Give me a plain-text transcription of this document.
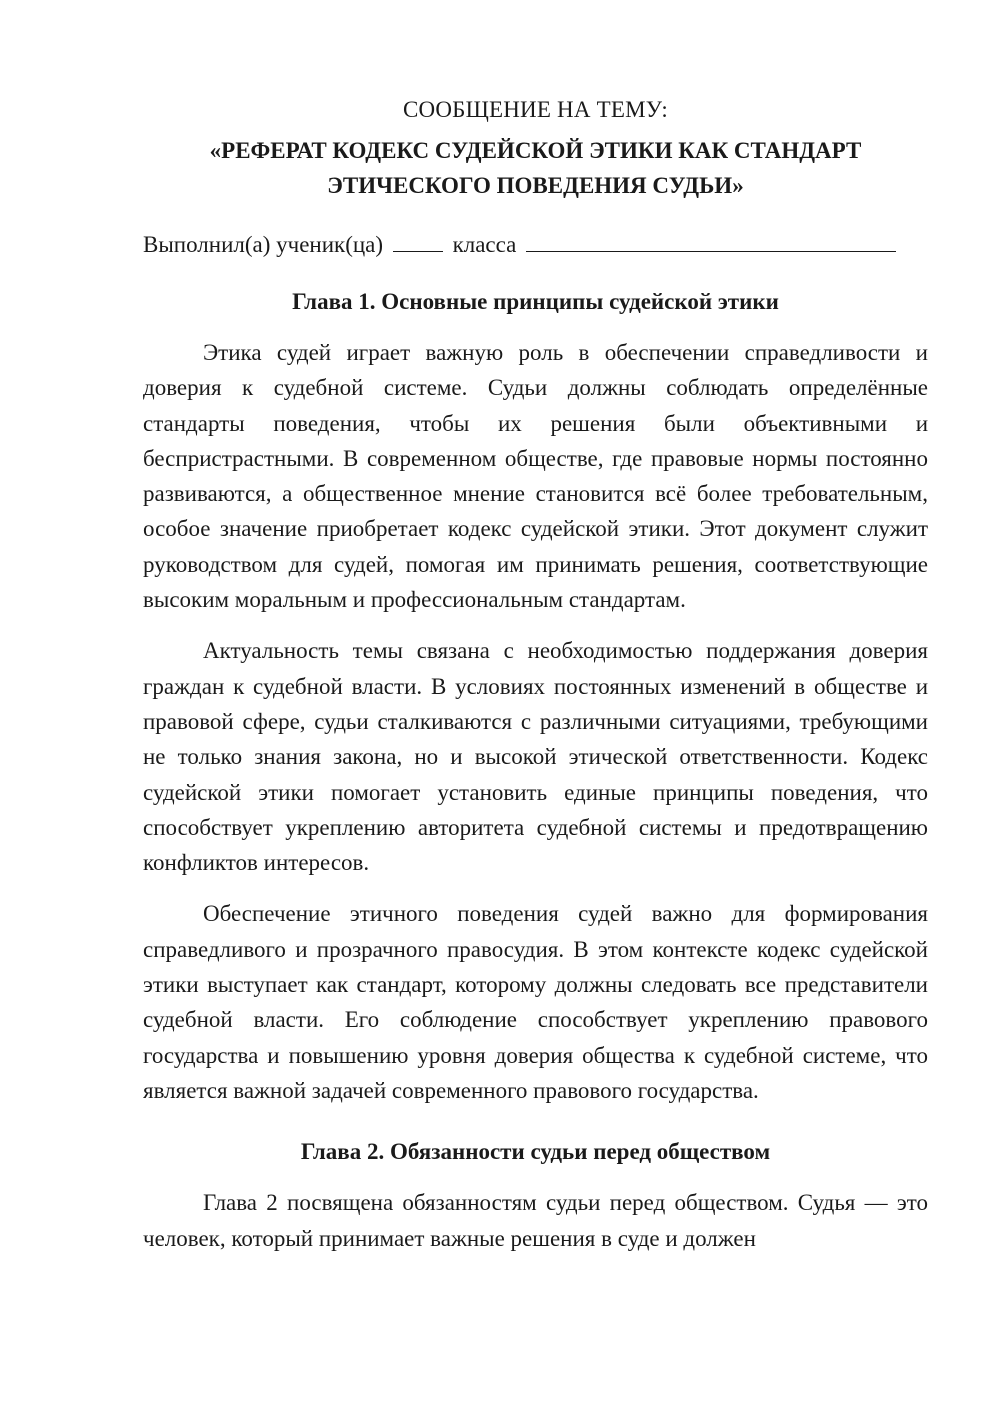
СООБЩЕНИЕ НА ТЕМУ:
«РЕФЕРАТ КОДЕКС СУДЕЙСКОЙ ЭТИКИ КАК СТАНДАРТ
ЭТИЧЕСКОГО ПОВЕДЕНИЯ СУДЬИ»
Выполнил(а) ученик(ца)	класса
Глава 1. Основные принципы судейской этики

Этика судей играет важную роль в обеспечении справедливости и доверия к судебной системе. Судьи должны соблюдать определённые стандарты поведения, чтобы их решения были объективными и беспристрастными. В современном обществе, где правовые нормы постоянно развиваются, а общественное мнение становится всё более требовательным, особое значение приобретает кодекс судейской этики. Этот документ служит руководством для судей, помогая им принимать решения, соответствующие высоким моральным и профессиональным стандартам.

Актуальность темы связана с необходимостью поддержания доверия граждан к судебной власти. В условиях постоянных изменений в обществе и правовой сфере, судьи сталкиваются с различными ситуациями, требующими не только знания закона, но и высокой этической ответственности. Кодекс судейской этики помогает установить единые принципы поведения, что способствует укреплению авторитета судебной системы и предотвращению конфликтов интересов.

Обеспечение этичного поведения судей важно для формирования справедливого и прозрачного правосудия. В этом контексте кодекс судейской этики выступает как стандарт, которому должны следовать все представители судебной власти. Его соблюдение способствует укреплению правового государства и повышению уровня доверия общества к судебной системе, что является важной задачей современного правового государства.

Глава 2. Обязанности судьи перед обществом

Глава 2 посвящена обязанностям судьи перед обществом. Судья — это человек, который принимает важные решения в суде и должен
